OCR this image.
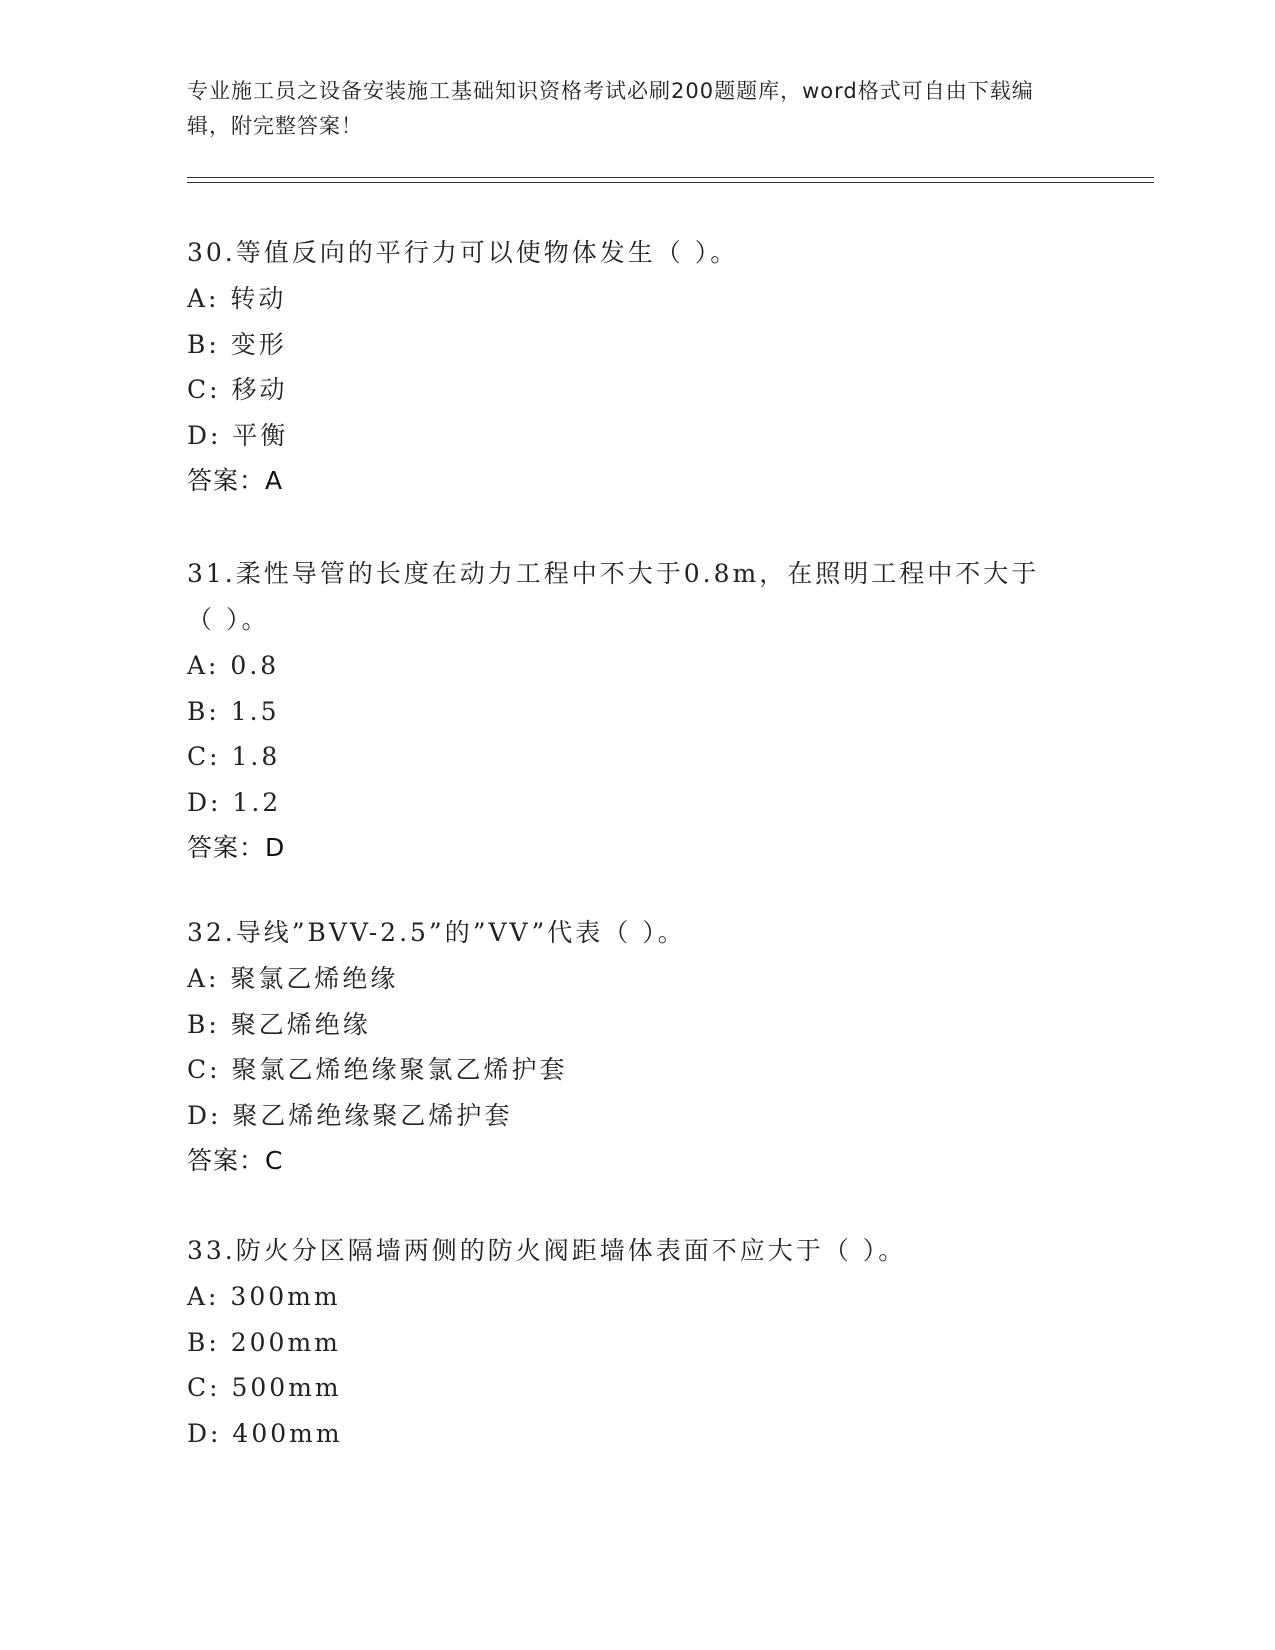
专业施工员之设备安装施工基础知识资格考试必刷200题题库，word格式可自由下载编辑，附完整答案！
30.等值反向的平行力可以使物体发生（ ）。
A: 转动
B: 变形
C: 移动
D: 平衡
答案：A
31.柔性导管的长度在动力工程中不大于0.8m，在照明工程中不大于（ ）。
A: 0.8
B: 1.5
C: 1.8
D: 1.2
答案：D
32.导线”BVV-2.5”的”VV”代表（ ）。
A: 聚氯乙烯绝缘
B: 聚乙烯绝缘
C: 聚氯乙烯绝缘聚氯乙烯护套
D: 聚乙烯绝缘聚乙烯护套
答案：C
33.防火分区隔墙两侧的防火阀距墙体表面不应大于（ ）。
A: 300mm
B: 200mm
C: 500mm
D: 400mm
